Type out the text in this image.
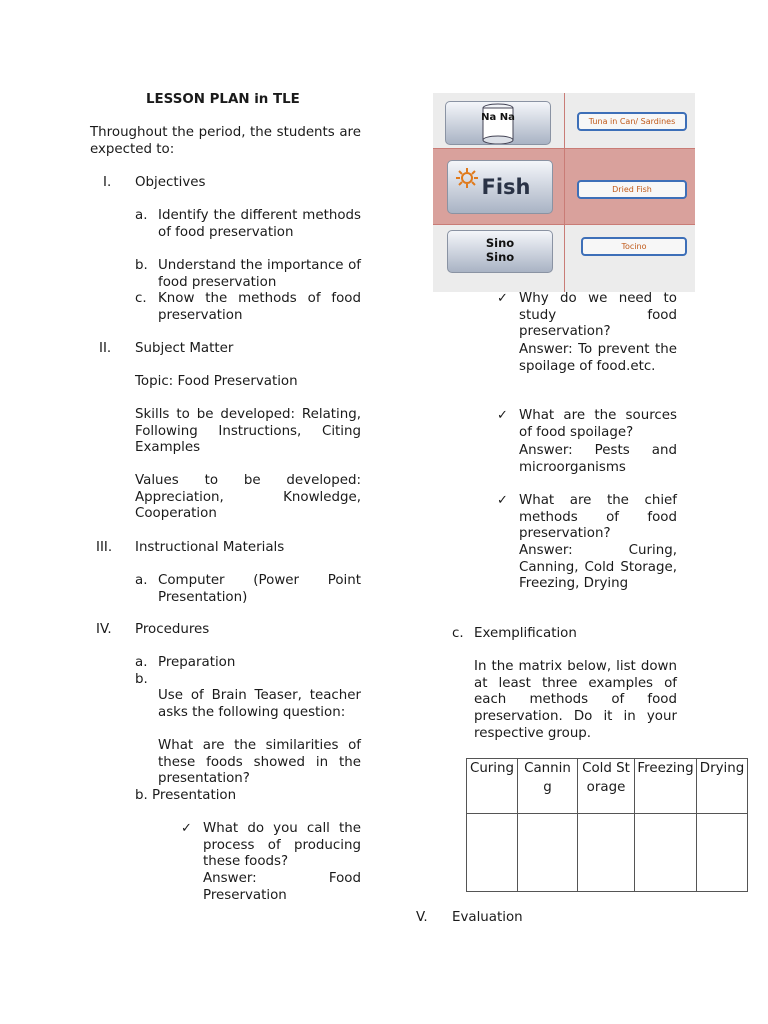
LESSON PLAN in TLE
Throughout the period, the students are expected to:
I. Objectives
a. Identify the different methods of food preservation
b. Understand the importance of food preservation
c. Know the methods of food preservation
II. Subject Matter
Topic: Food Preservation
Skills to be developed: Relating, Following Instructions, Citing Examples
Values to be developed: Appreciation, Knowledge, Cooperation
III. Instructional Materials
a. Computer (Power Point Presentation)
IV. Procedures
a. Preparation
b.
Use of Brain Teaser, teacher asks the following question:
What are the similarities of these foods showed in the presentation?
b. Presentation
✓ What do you call the process of producing these foods?
Answer: Food Preservation
Na Na
Fish
Sino Sino
Tuna in Can/ Sardines
Dried Fish
Tocino
✓ Why do we need to study food preservation?
Answer: To prevent the spoilage of food.etc.
✓ What are the sources of food spoilage?
Answer: Pests and microorganisms
✓ What are the chief methods of food preservation?
Answer: Curing, Canning, Cold Storage, Freezing, Drying
c. Exemplification
In the matrix below, list down at least three examples of each methods of food preservation. Do it in your respective group.
Curing	Canning	Cold Storage	Freezing	Drying

V. Evaluation
